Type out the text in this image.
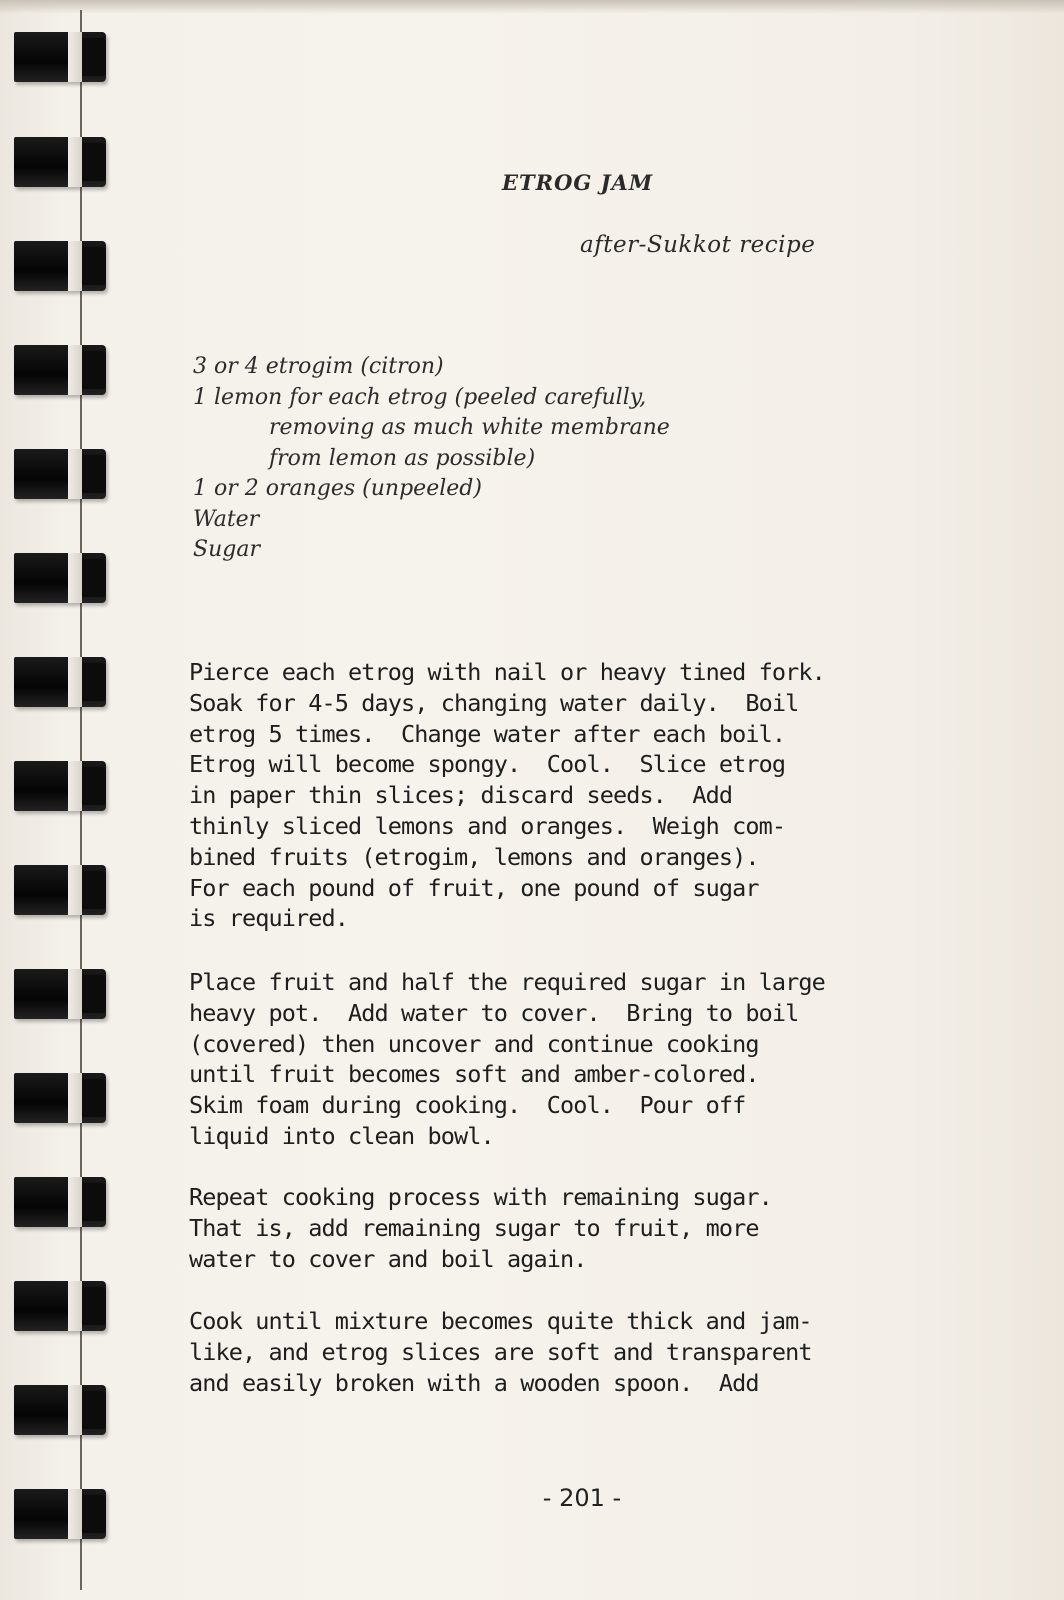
ETROG JAM
after-Sukkot recipe
3 or 4 etrogim (citron)
1 lemon for each etrog (peeled carefully,
removing as much white membrane
from lemon as possible)
1 or 2 oranges (unpeeled)
Water
Sugar

Pierce each etrog with nail or heavy tined fork.
Soak for 4-5 days, changing water daily.  Boil
etrog 5 times.  Change water after each boil.
Etrog will become spongy.  Cool.  Slice etrog
in paper thin slices; discard seeds.  Add
thinly sliced lemons and oranges.  Weigh com-
bined fruits (etrogim, lemons and oranges).
For each pound of fruit, one pound of sugar
is required.

Place fruit and half the required sugar in large
heavy pot.  Add water to cover.  Bring to boil
(covered) then uncover and continue cooking
until fruit becomes soft and amber-colored.
Skim foam during cooking.  Cool.  Pour off
liquid into clean bowl.

Repeat cooking process with remaining sugar.
That is, add remaining sugar to fruit, more
water to cover and boil again.

Cook until mixture becomes quite thick and jam-
like, and etrog slices are soft and transparent
and easily broken with a wooden spoon.  Add

- 201 -
